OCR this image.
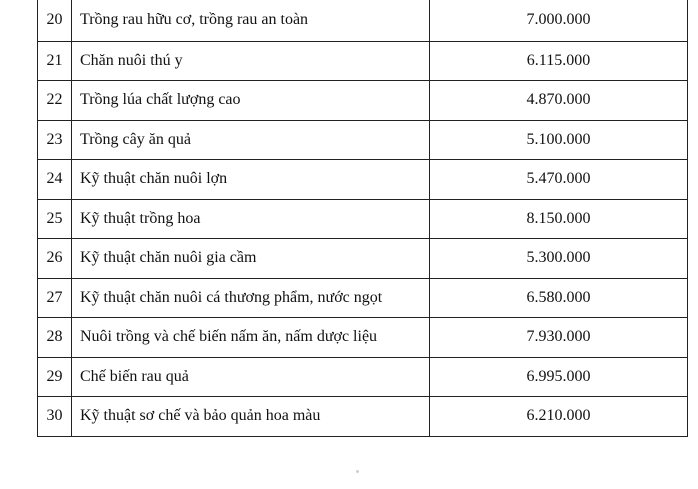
20	Trồng rau hữu cơ, trồng rau an toàn	7.000.000
21	Chăn nuôi thú y	6.115.000
22	Trồng lúa chất lượng cao	4.870.000
23	Trồng cây ăn quả	5.100.000
24	Kỹ thuật chăn nuôi lợn	5.470.000
25	Kỹ thuật trồng hoa	8.150.000
26	Kỹ thuật chăn nuôi gia cầm	5.300.000
27	Kỹ thuật chăn nuôi cá thương phẩm, nước ngọt	6.580.000
28	Nuôi trồng và chế biến nấm ăn, nấm dược liệu	7.930.000
29	Chế biến rau quả	6.995.000
30	Kỹ thuật sơ chế và bảo quản hoa màu	6.210.000
